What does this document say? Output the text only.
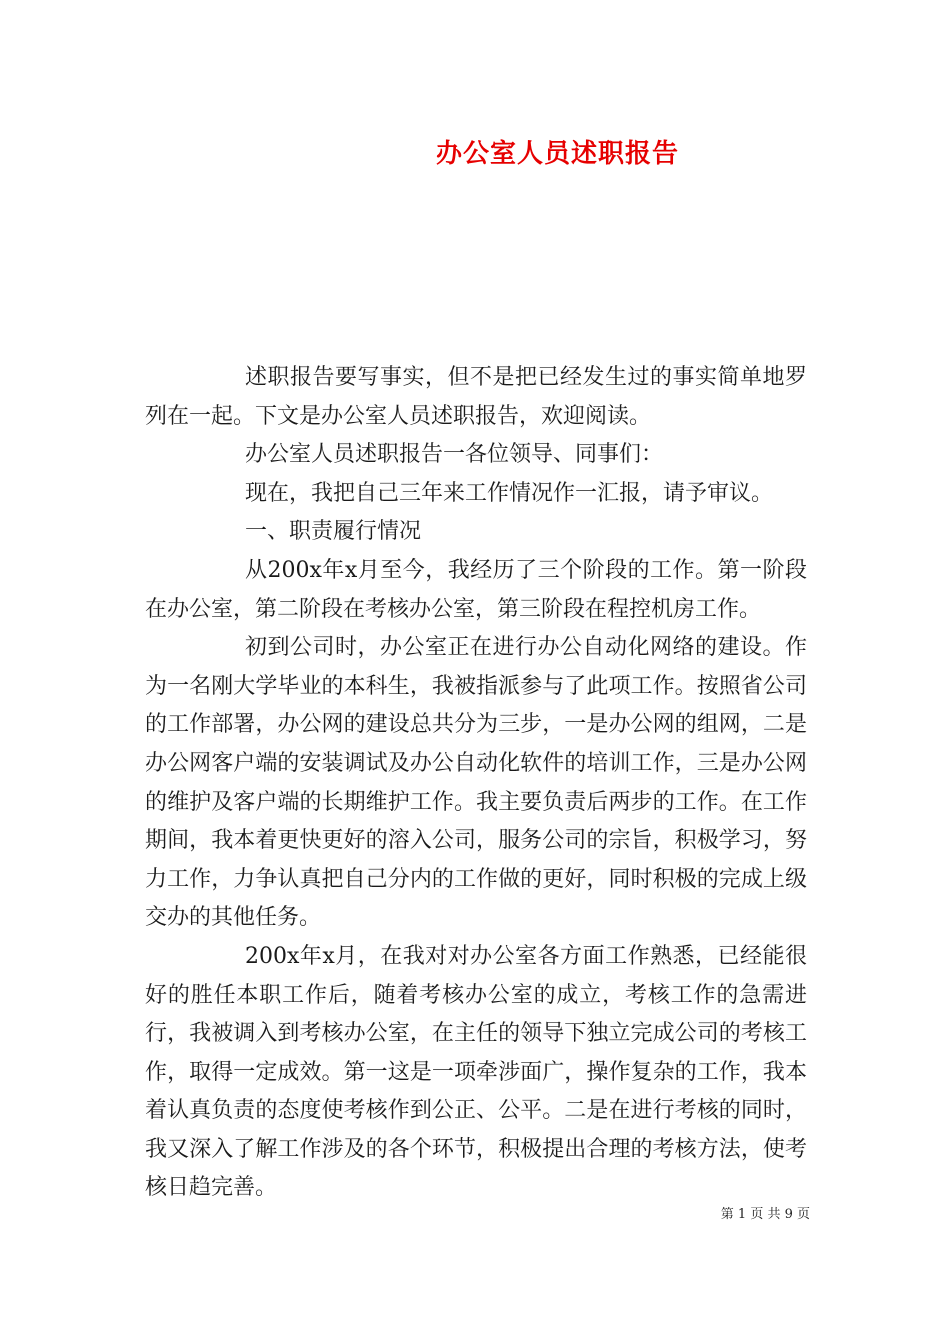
办公室人员述职报告

述职报告要写事实，但不是把已经发生过的事实简单地罗列在一起。下文是办公室人员述职报告，欢迎阅读。

办公室人员述职报告一各位领导、同事们：

现在，我把自己三年来工作情况作一汇报，请予审议。

一、职责履行情况

从200x年x月至今，我经历了三个阶段的工作。第一阶段在办公室，第二阶段在考核办公室，第三阶段在程控机房工作。

初到公司时，办公室正在进行办公自动化网络的建设。作为一名刚大学毕业的本科生，我被指派参与了此项工作。按照省公司的工作部署，办公网的建设总共分为三步，一是办公网的组网，二是办公网客户端的安装调试及办公自动化软件的培训工作，三是办公网的维护及客户端的长期维护工作。我主要负责后两步的工作。在工作期间，我本着更快更好的溶入公司，服务公司的宗旨，积极学习，努力工作，力争认真把自己分内的工作做的更好，同时积极的完成上级交办的其他任务。

200x年x月，在我对对办公室各方面工作熟悉，已经能很好的胜任本职工作后，随着考核办公室的成立，考核工作的急需进行，我被调入到考核办公室，在主任的领导下独立完成公司的考核工作，取得一定成效。第一这是一项牵涉面广，操作复杂的工作，我本着认真负责的态度使考核作到公正、公平。二是在进行考核的同时，我又深入了解工作涉及的各个环节，积极提出合理的考核方法，使考核日趋完善。

第 1 页 共 9 页
